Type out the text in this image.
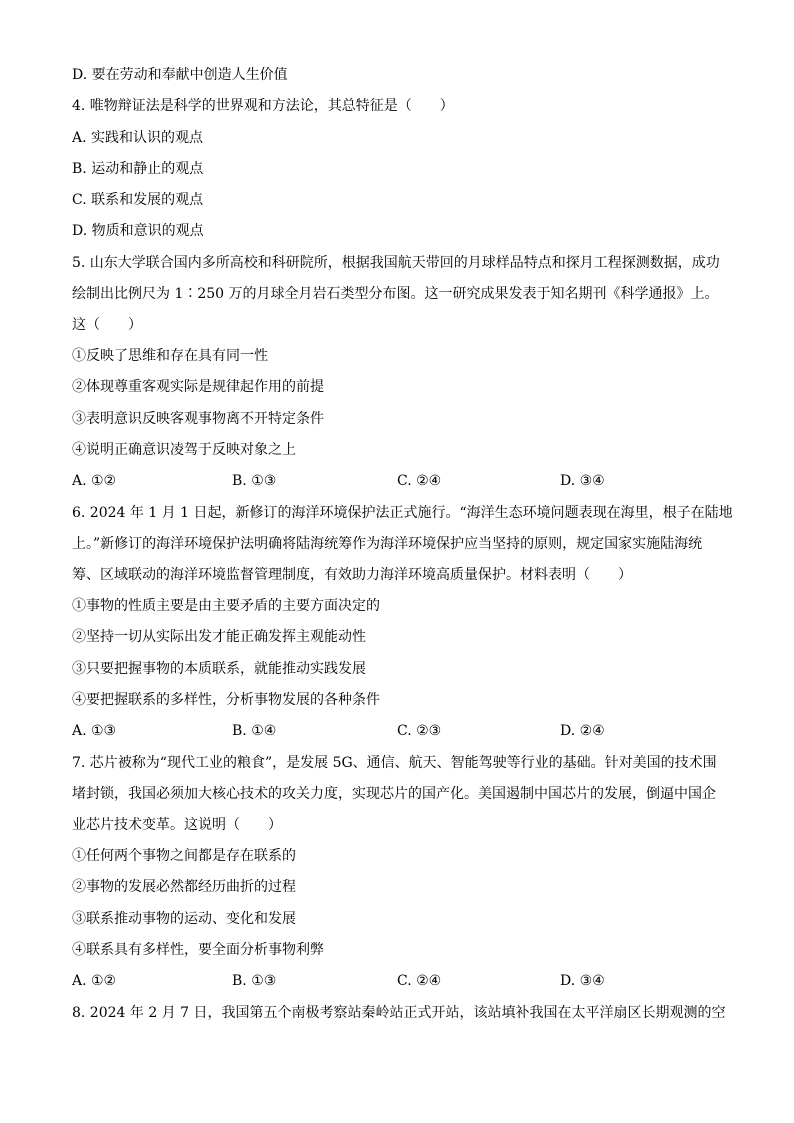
D. 要在劳动和奉献中创造人生价值
4. 唯物辩证法是科学的世界观和方法论，其总特征是（　　）
A. 实践和认识的观点
B. 运动和静止的观点
C. 联系和发展的观点
D. 物质和意识的观点
5. 山东大学联合国内多所高校和科研院所，根据我国航天带回的月球样品特点和探月工程探测数据，成功
绘制出比例尺为 1∶250 万的月球全月岩石类型分布图。这一研究成果发表于知名期刊《科学通报》上。
这（　　）
①反映了思维和存在具有同一性
②体现尊重客观实际是规律起作用的前提
③表明意识反映客观事物离不开特定条件
④说明正确意识凌驾于反映对象之上
A. ①②	B. ①③	C. ②④	D. ③④
6. 2024 年 1 月 1 日起，新修订的海洋环境保护法正式施行。“海洋生态环境问题表现在海里，根子在陆地
上。”新修订的海洋环境保护法明确将陆海统筹作为海洋环境保护应当坚持的原则，规定国家实施陆海统
筹、区域联动的海洋环境监督管理制度，有效助力海洋环境高质量保护。材料表明（　　）
①事物的性质主要是由主要矛盾的主要方面决定的
②坚持一切从实际出发才能正确发挥主观能动性
③只要把握事物的本质联系，就能推动实践发展
④要把握联系的多样性，分析事物发展的各种条件
A. ①③	B. ①④	C. ②③	D. ②④
7. 芯片被称为“现代工业的粮食”，是发展 5G、通信、航天、智能驾驶等行业的基础。针对美国的技术围
堵封锁，我国必须加大核心技术的攻关力度，实现芯片的国产化。美国遏制中国芯片的发展，倒逼中国企
业芯片技术变革。这说明（　　）
①任何两个事物之间都是存在联系的
②事物的发展必然都经历曲折的过程
③联系推动事物的运动、变化和发展
④联系具有多样性，要全面分析事物利弊
A. ①②	B. ①③	C. ②④	D. ③④
8. 2024 年 2 月 7 日，我国第五个南极考察站秦岭站正式开站，该站填补我国在太平洋扇区长期观测的空
